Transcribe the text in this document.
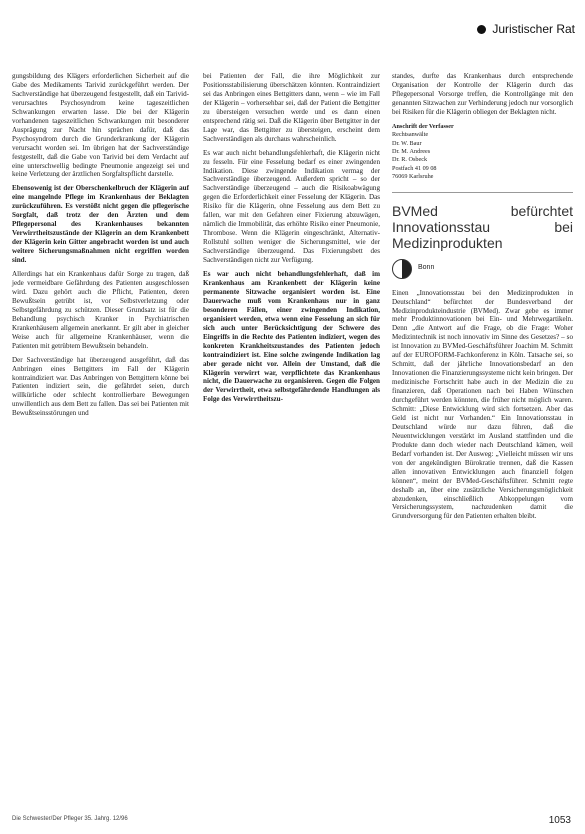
Juristischer Rat

gungsbildung des Klägers erforderlichen Sicherheit auf die Gabe des Medikaments Tarivid zurückgeführt werden. Der Sachverständige hat überzeugend festgestellt, daß ein Tarivid-verursachtes Psychosyndrom keine tageszeitlichen Schwankungen erwarten lasse. Die bei der Klägerin vorhandenen tageszeitlichen Schwankungen mit besonderer Ausprägung zur Nacht hin sprächen dafür, daß das Psychosyndrom durch die Grunderkrankung der Klägerin verursacht worden sei. Im übrigen hat der Sachverständige festgestellt, daß die Gabe von Tarivid bei dem Verdacht auf eine unterschwellig bedingte Pneumonie angezeigt sei und keine Verletzung der ärztlichen Sorgfaltspflicht darstelle.

Ebensowenig ist der Oberschenkelbruch der Klägerin auf eine mangelnde Pflege im Krankenhaus der Beklagten zurückzuführen. Es verstößt nicht gegen die pflegerische Sorgfalt, daß trotz der den Ärzten und dem Pflegepersonal des Krankenhauses bekannten Verwirrtheitszustände der Klägerin an dem Krankenbett der Klägerin kein Gitter angebracht worden ist und auch weitere Sicherungsmaßnahmen nicht ergriffen worden sind.

Allerdings hat ein Krankenhaus dafür Sorge zu tragen, daß jede vermeidbare Gefährdung des Patienten ausgeschlossen wird. Dazu gehört auch die Pflicht, Patienten, deren Bewußtsein getrübt ist, vor Selbstverletzung oder Selbstgefährdung zu schützen. Dieser Grundsatz ist für die Behandlung psychisch Kranker in Psychiatrischen Krankenhäusern allgemein anerkannt. Er gilt aber in gleicher Weise auch für allgemeine Krankenhäuser, wenn die Patienten mit getrübtem Bewußtsein behandeln.

Der Sachverständige hat überzeugend ausgeführt, daß das Anbringen eines Bettgitters im Fall der Klägerin kontraindiziert war. Das Anbringen von Bettgittern könne bei Patienten indiziert sein, die gefährdet seien, durch willkürliche oder schlecht kontrollierbare Bewegungen unwillentlich aus dem Bett zu fallen. Das sei bei Patienten mit Bewußtseinsstörungen und

bei Patienten der Fall, die ihre Möglichkeit zur Positionsstabilisierung überschätzen könnten. Kontraindiziert sei das Anbringen eines Bettgitters dann, wenn – wie im Fall der Klägerin – vorhersehbar sei, daß der Patient die Bettgitter zu übersteigen versuchen werde und es dann einen entsprechend rätig sei. Daß die Klägerin über Bettgitter in der Lage war, das Bettgitter zu übersteigen, erscheint dem Sachverständigen als durchaus wahrscheinlich.

Es war auch nicht behandlungsfehlerhaft, die Klägerin nicht zu fesseln. Für eine Fesselung bedarf es einer zwingenden Indikation. Diese zwingende Indikation vermag der Sachverständige überzeugend. Außerdem spricht – so der Sachverständige überzeugend – auch die Risikoabwägung gegen die Erforderlichkeit einer Fesselung der Klägerin. Das Risiko für die Klägerin, ohne Fesselung aus dem Bett zu fallen, war mit den Gefahren einer Fixierung abzuwägen, nämlich die Immobilität, das erhöhte Risiko einer Pneumonie, Thrombose. Wenn die Klägerin eingeschränkt, Alternativ-Rollstuhl sollten weniger die Sicherungsmittel, wie der Sachverständige überzeugend. Das Fixierungsbett des Sachverständigen nicht zur Verfügung.

Es war auch nicht behandlungsfehlerhaft, daß im Krankenhaus am Krankenbett der Klägerin keine permanente Sitzwache organisiert worden ist. Eine Dauerwache muß vom Krankenhaus nur in ganz besonderen Fällen, einer zwingenden Indikation, organisiert werden, etwa wenn eine Fesselung an sich für sich auch unter Berücksichtigung der Schwere des Eingriffs in die Rechte des Patienten indiziert, wegen des konkreten Krankheitszustandes des Patienten jedoch kontraindiziert ist. Eine solche zwingende Indikation lag aber gerade nicht vor. Allein der Umstand, daß die Klägerin verwirrt war, verpflichtete das Krankenhaus nicht, die Dauerwache zu organisieren. Gegen die Folgen der Verwirrtheit, etwa selbstgefährdende Handlungen als Folge des Verwirrtheitszu-

standes, durfte das Krankenhaus durch entsprechende Organisation der Kontrolle der Klägerin durch das Pflegepersonal Vorsorge treffen, die Kontrollgänge mit den genannten Sitzwachen zur Verhinderung jedoch nur vorsorglich bei Risiken für die Klägerin obliegen der Beklagten nicht.

Anschrift der Verfasser
Rechtsanwälte
Dr. W. Baur
Dr. M. Andrees
Dr. R. Osbeck
Postfach 41 09 08
76069 Karlsruhe
BVMed befürchtet Innovationsstau bei Medizinprodukten
Bonn

Einen „Innovationsstau bei den Medizinprodukten in Deutschland“ befürchtet der Bundesverband der Medizinprodukteindustrie (BVMed). Zwar gebe es immer mehr Produktinnovationen bei Ein- und Mehrwegartikeln. Denn „die Antwort auf die Frage, ob die Frage: Woher Medizintechnik ist noch innovativ im Sinne des Gesetzes? – so ist Innovation zu BVMed-Geschäftsführer Joachim M. Schmitt auf der EUROFORM-Fachkonferenz in Köln. Tatsache sei, so Schmitt, daß der jährliche Innovationsbedarf an den Innovationen die Finanzierungssysteme nicht kein bringen. Der medizinische Fortschritt habe auch in der Medizin die zu finanzieren, daß Operationen nach bei Haben Wünschen durchgeführt werden könnten, die früher nicht möglich waren. Schmitt: „Diese Entwicklung wird sich fortsetzen. Aber das Geld ist nicht nur Vorhanden.“ Ein Innovationsstau in Deutschland würde nur dazu führen, daß die Neuentwicklungen verstärkt im Ausland stattfinden und die Produkte dann doch wieder nach Deutschland kämen, weil Bedarf vorhanden ist. Der Ausweg: „Vielleicht müssen wir uns von der angekündigten Bürokratie trennen, daß die Kassen allen innovativen Entwicklungen auch finanziell folgen können“, meint der BVMed-Geschäftsführer. Schmitt regte deshalb an, über eine zusätzliche Versicherungsmöglichkeit abzudenken, einschließlich Abkoppelungen vom Versicherungssystem, nachzudenken damit die Grundversorgung für den Patienten erhalten bleibt.

Die Schwester/Der Pfleger 35. Jahrg. 12/96	1053
